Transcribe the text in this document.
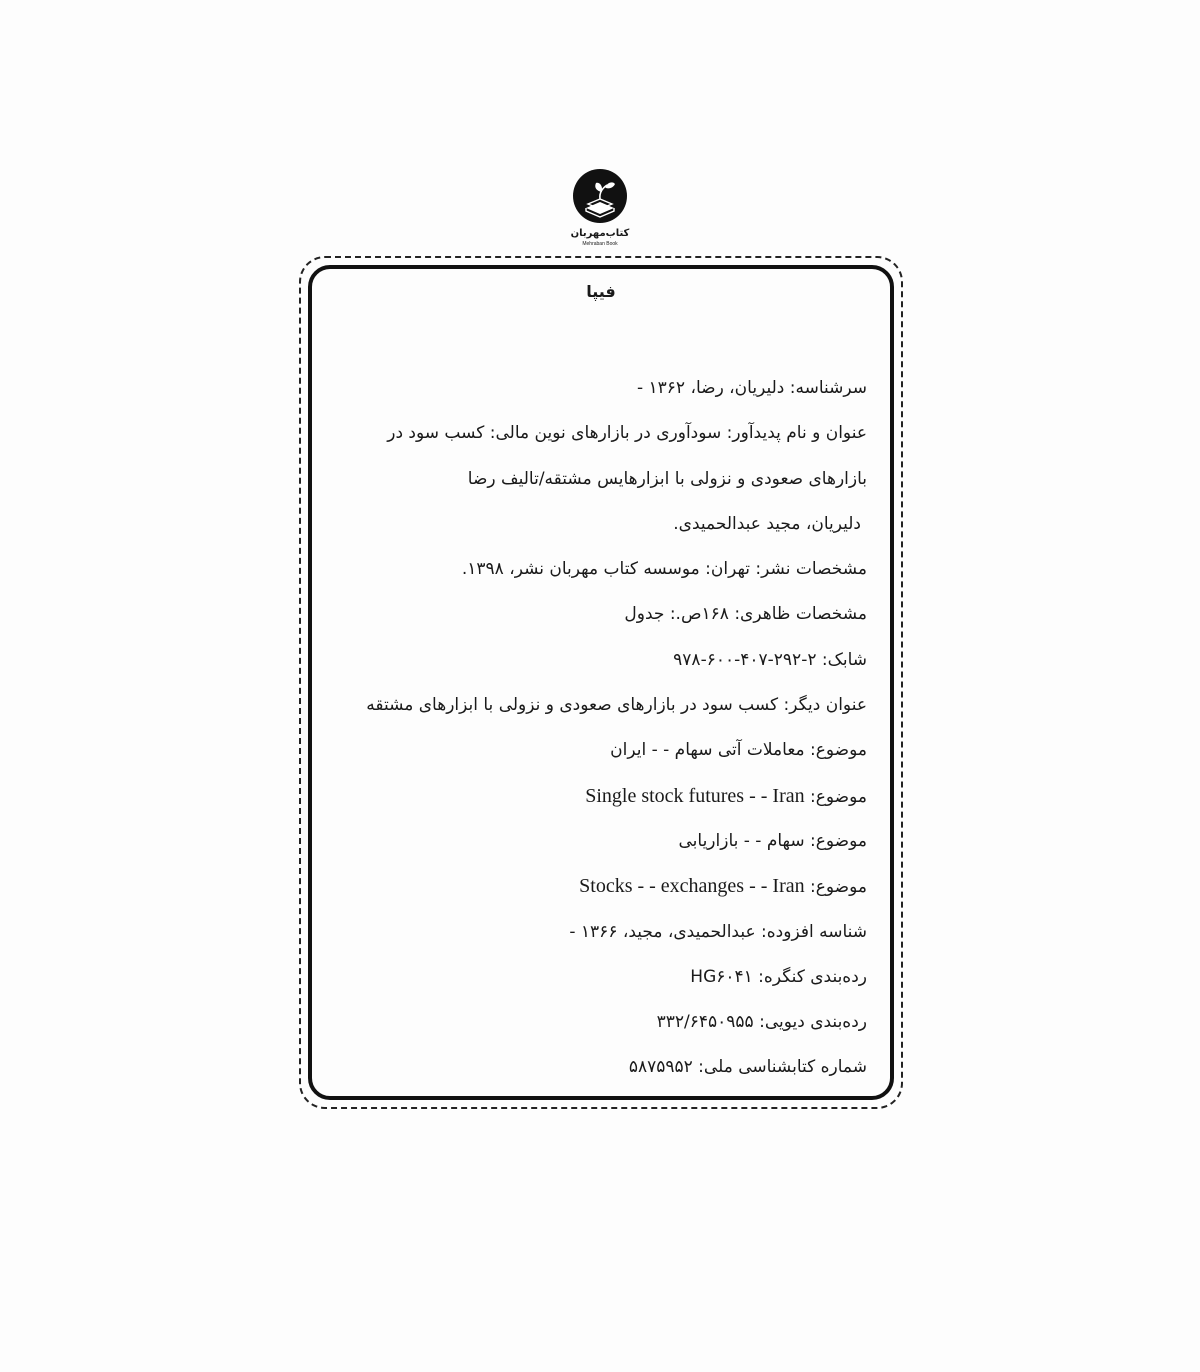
کتاب‌مهربان
Mehraban Book
فیپا
سرشناسه: دلیریان، رضا، ۱۳۶۲ -
عنوان و نام پدیدآور: سودآوری در بازارهای نوین مالی: کسب سود در
بازارهای صعودی و نزولی با ابزارهایس مشتقه/تالیف رضا
دلیریان، مجید عبدالحمیدی.
مشخصات نشر: تهران: موسسه کتاب مهربان نشر، ۱۳۹۸.
مشخصات ظاهری: ۱۶۸ص.: جدول
شابک: ۲-۲۹۲-۴۰۷-۶۰۰-۹۷۸
عنوان دیگر: کسب سود در بازارهای صعودی و نزولی با ابزارهای مشتقه
موضوع: معاملات آتی سهام - - ایران
موضوع: Single stock futures - - Iran
موضوع: سهام - - بازاریابی
موضوع: Stocks - - exchanges - - Iran
شناسه افزوده: عبدالحمیدی، مجید، ۱۳۶۶ -
رده‌بندی کنگره: HG۶۰۴۱
رده‌بندی دیویی: ۳۳۲/۶۴۵۰۹۵۵
شماره کتابشناسی ملی: ۵۸۷۵۹۵۲
